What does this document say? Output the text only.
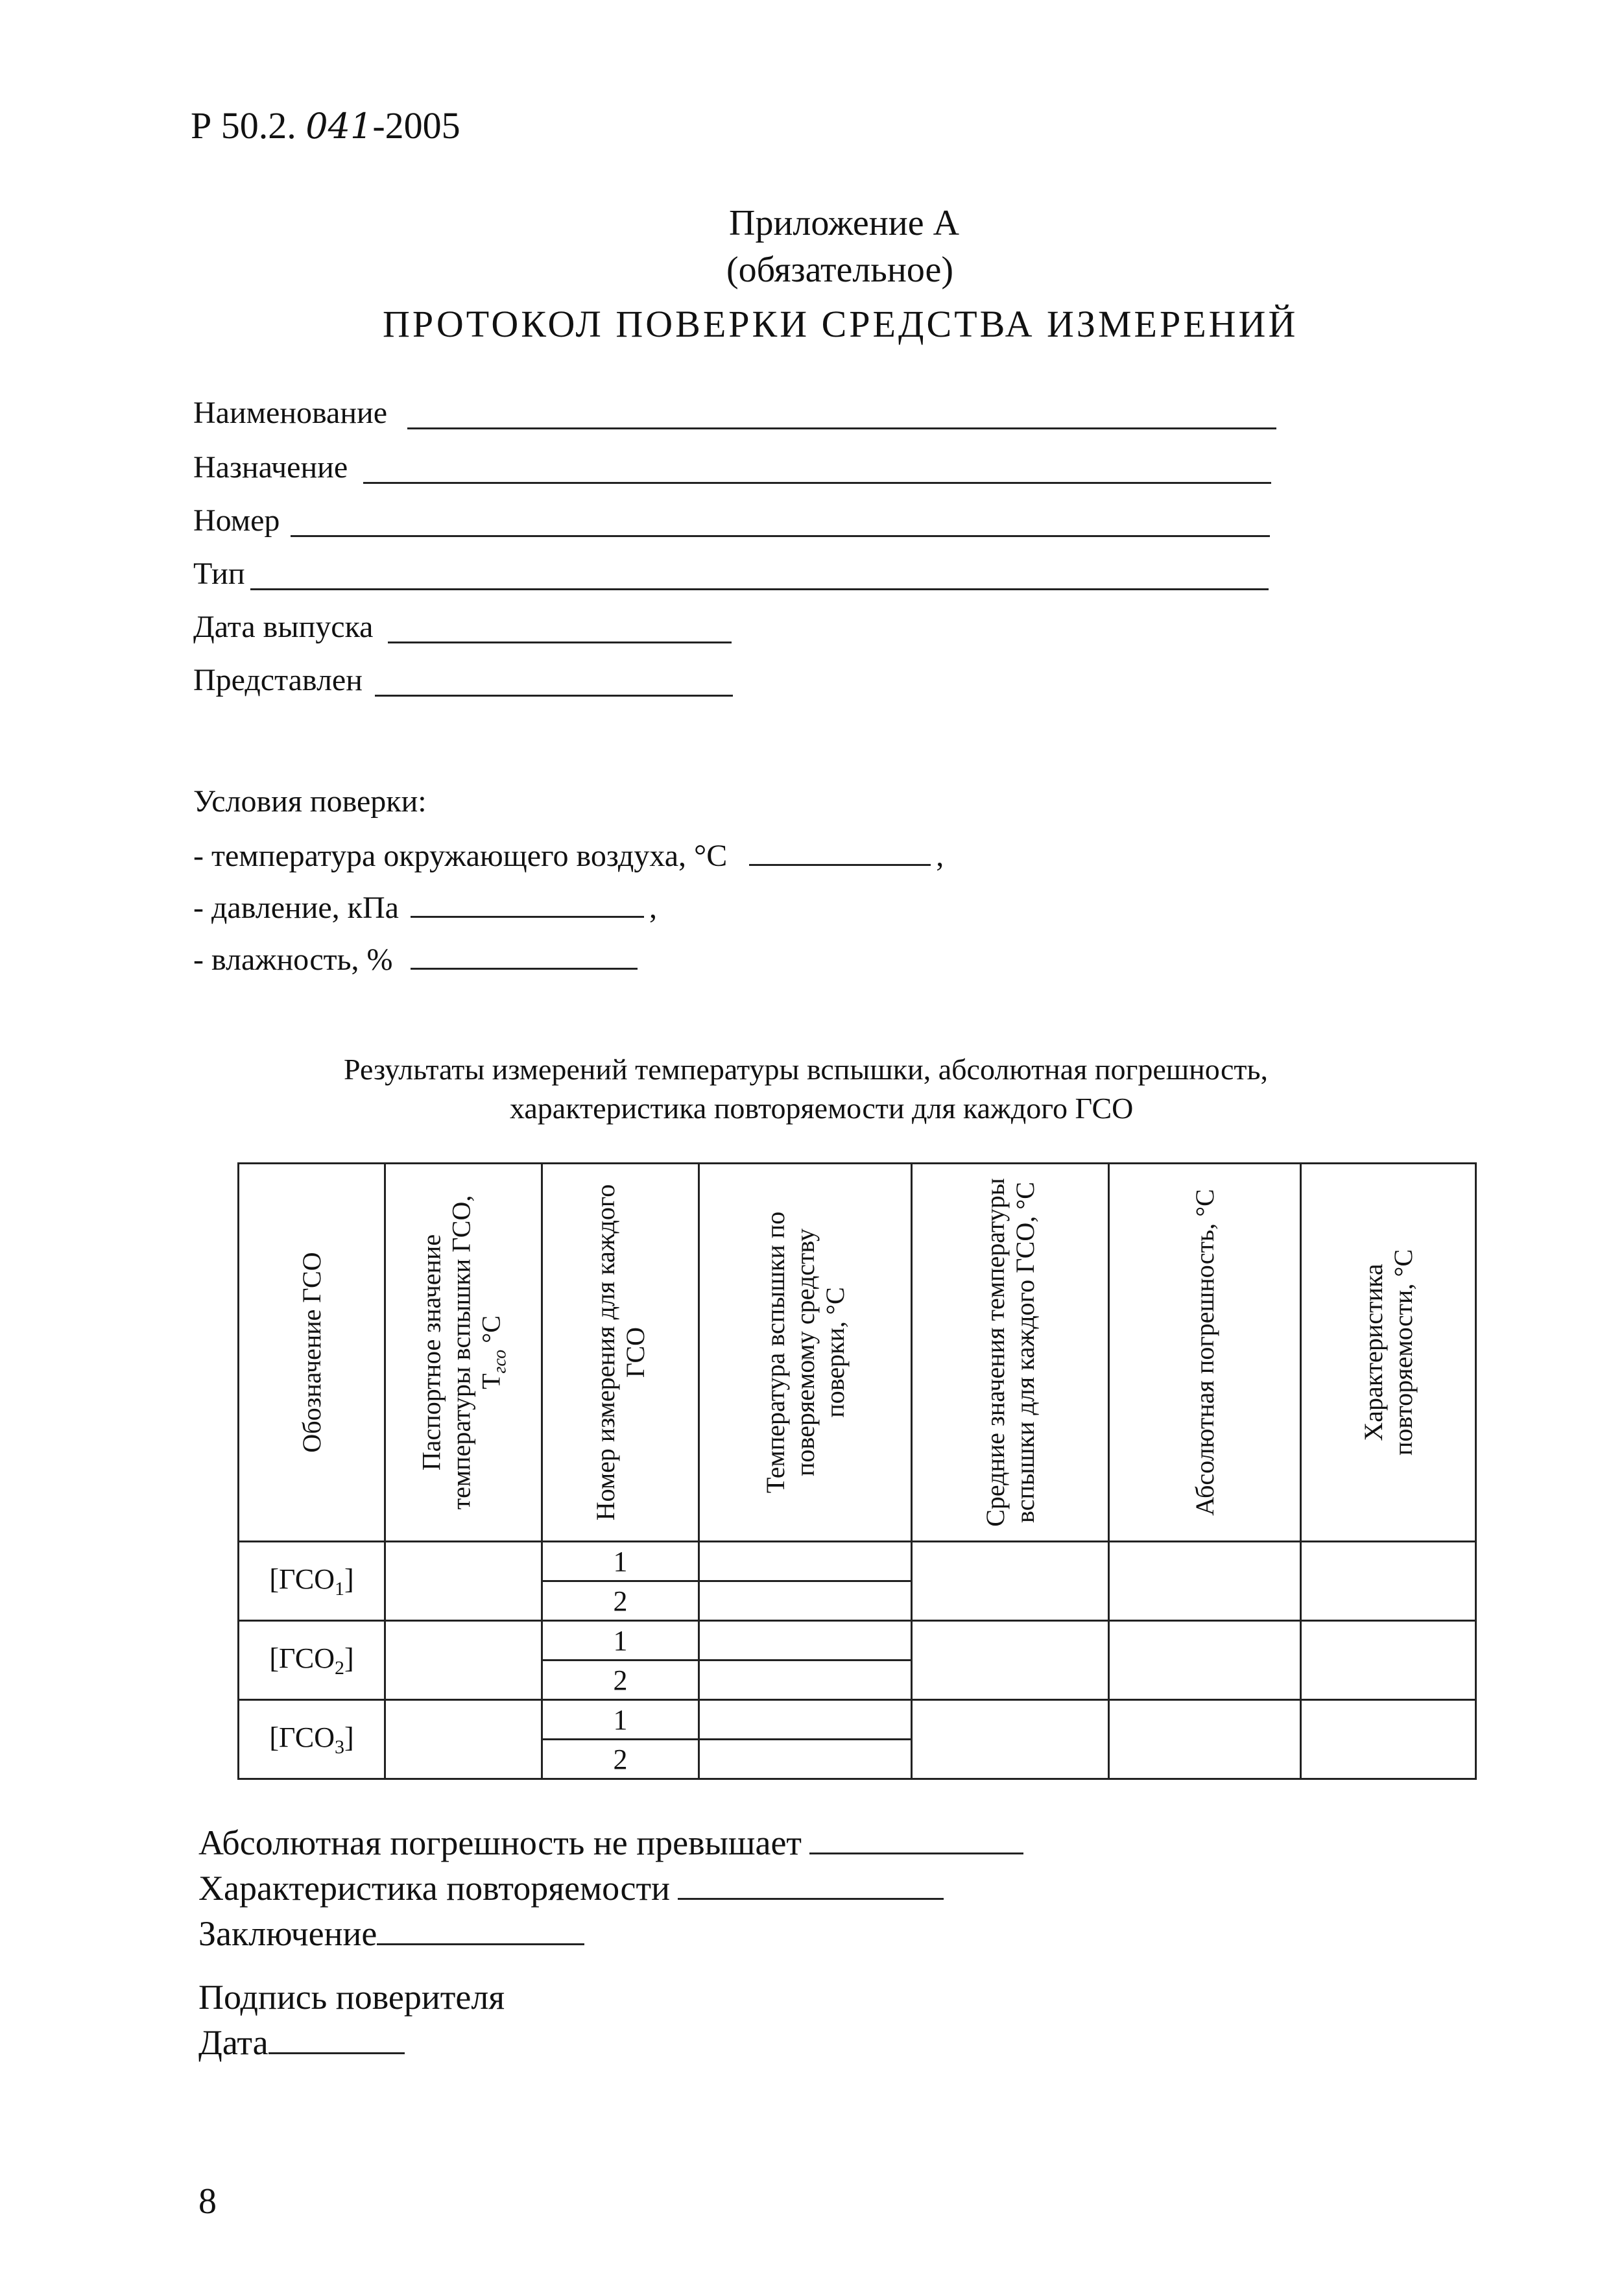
Р 50.2. 041-2005
Приложение А
(обязательное)
ПРОТОКОЛ ПОВЕРКИ СРЕДСТВА ИЗМЕРЕНИЙ
Наименование
Назначение
Номер
Тип
Дата выпуска
Представлен
Условия поверки:
- температура окружающего воздуха, °С	,
- давление, кПа	,
- влажность, %
Результаты измерений температуры вспышки, абсолютная погрешность,
характеристика повторяемости для каждого ГСО
Обозначение ГСО	Паспортное значение температуры вспышки ГСО, $Т_{гсо}$ °С	Номер измерения для каждого ГСО	Температура вспышки по поверяемому средству поверки, °С	Средние значения температуры вспышки для каждого ГСО, °С	Абсолютная погрешность, °С	Характеристика повторяемости, °С

$[ГСО_1]$		1				
		2				
$[ГСО_2]$		1				
		2				
$[ГСО_3]$		1				
		2				
Абсолютная погрешность не превышает
Характеристика повторяемости
Заключение
Подпись поверителя
Дата
8
